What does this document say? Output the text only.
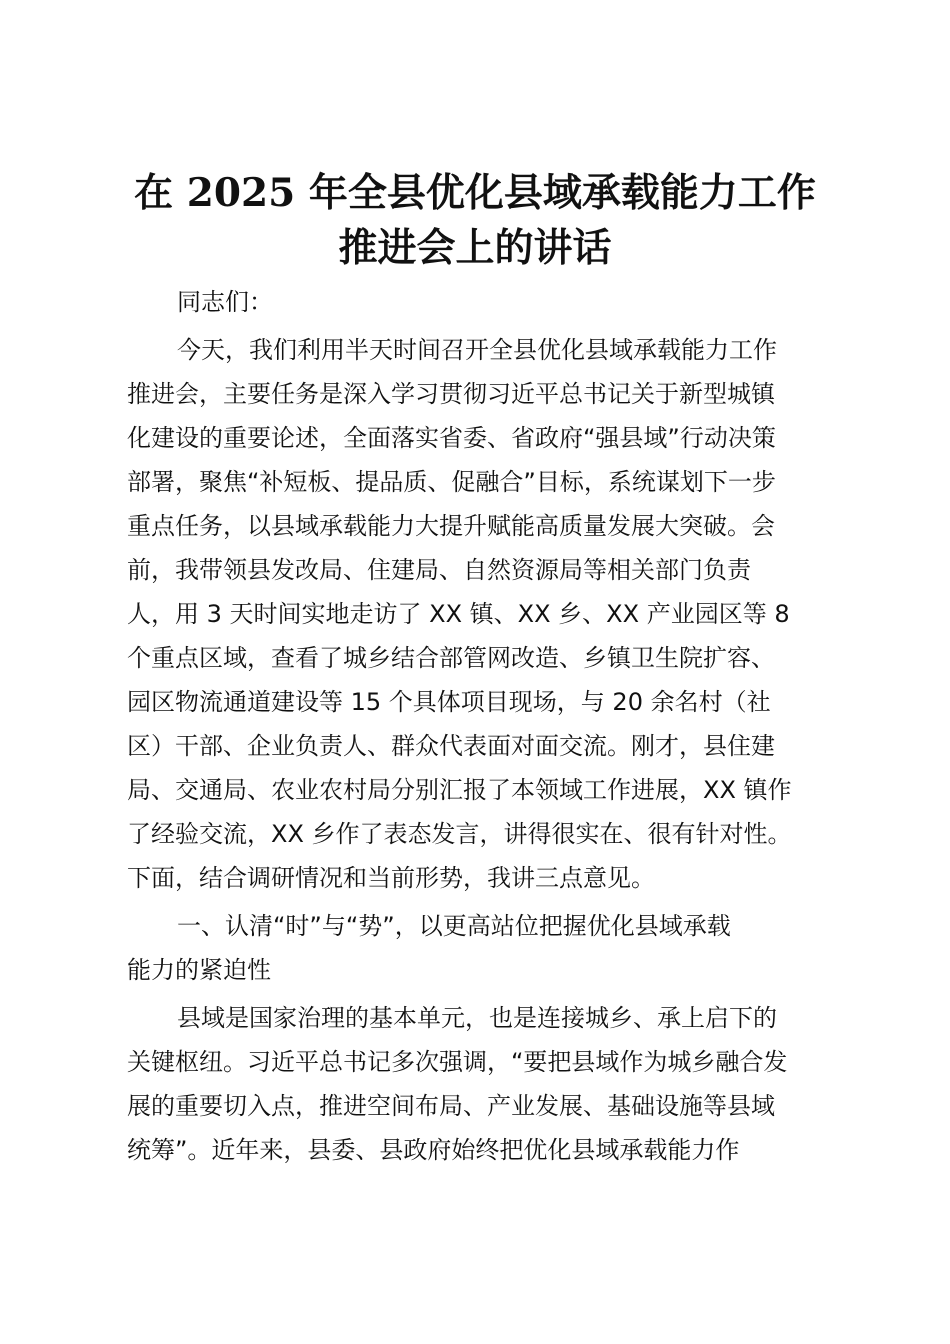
在 2025 年全县优化县域承载能力工作
推进会上的讲话
同志们：
今天，我们利用半天时间召开全县优化县域承载能力工作
推进会，主要任务是深入学习贯彻习近平总书记关于新型城镇
化建设的重要论述，全面落实省委、省政府“强县域”行动决策
部署，聚焦“补短板、提品质、促融合”目标，系统谋划下一步
重点任务，以县域承载能力大提升赋能高质量发展大突破。会
前，我带领县发改局、住建局、自然资源局等相关部门负责
人，用 3 天时间实地走访了 XX 镇、XX 乡、XX 产业园区等 8
个重点区域，查看了城乡结合部管网改造、乡镇卫生院扩容、
园区物流通道建设等 15 个具体项目现场，与 20 余名村（社
区）干部、企业负责人、群众代表面对面交流。刚才，县住建
局、交通局、农业农村局分别汇报了本领域工作进展，XX 镇作
了经验交流，XX 乡作了表态发言，讲得很实在、很有针对性。
下面，结合调研情况和当前形势，我讲三点意见。
一、认清“时”与“势”，以更高站位把握优化县域承载
能力的紧迫性
县域是国家治理的基本单元，也是连接城乡、承上启下的
关键枢纽。习近平总书记多次强调，“要把县域作为城乡融合发
展的重要切入点，推进空间布局、产业发展、基础设施等县域
统筹”。近年来，县委、县政府始终把优化县域承载能力作
